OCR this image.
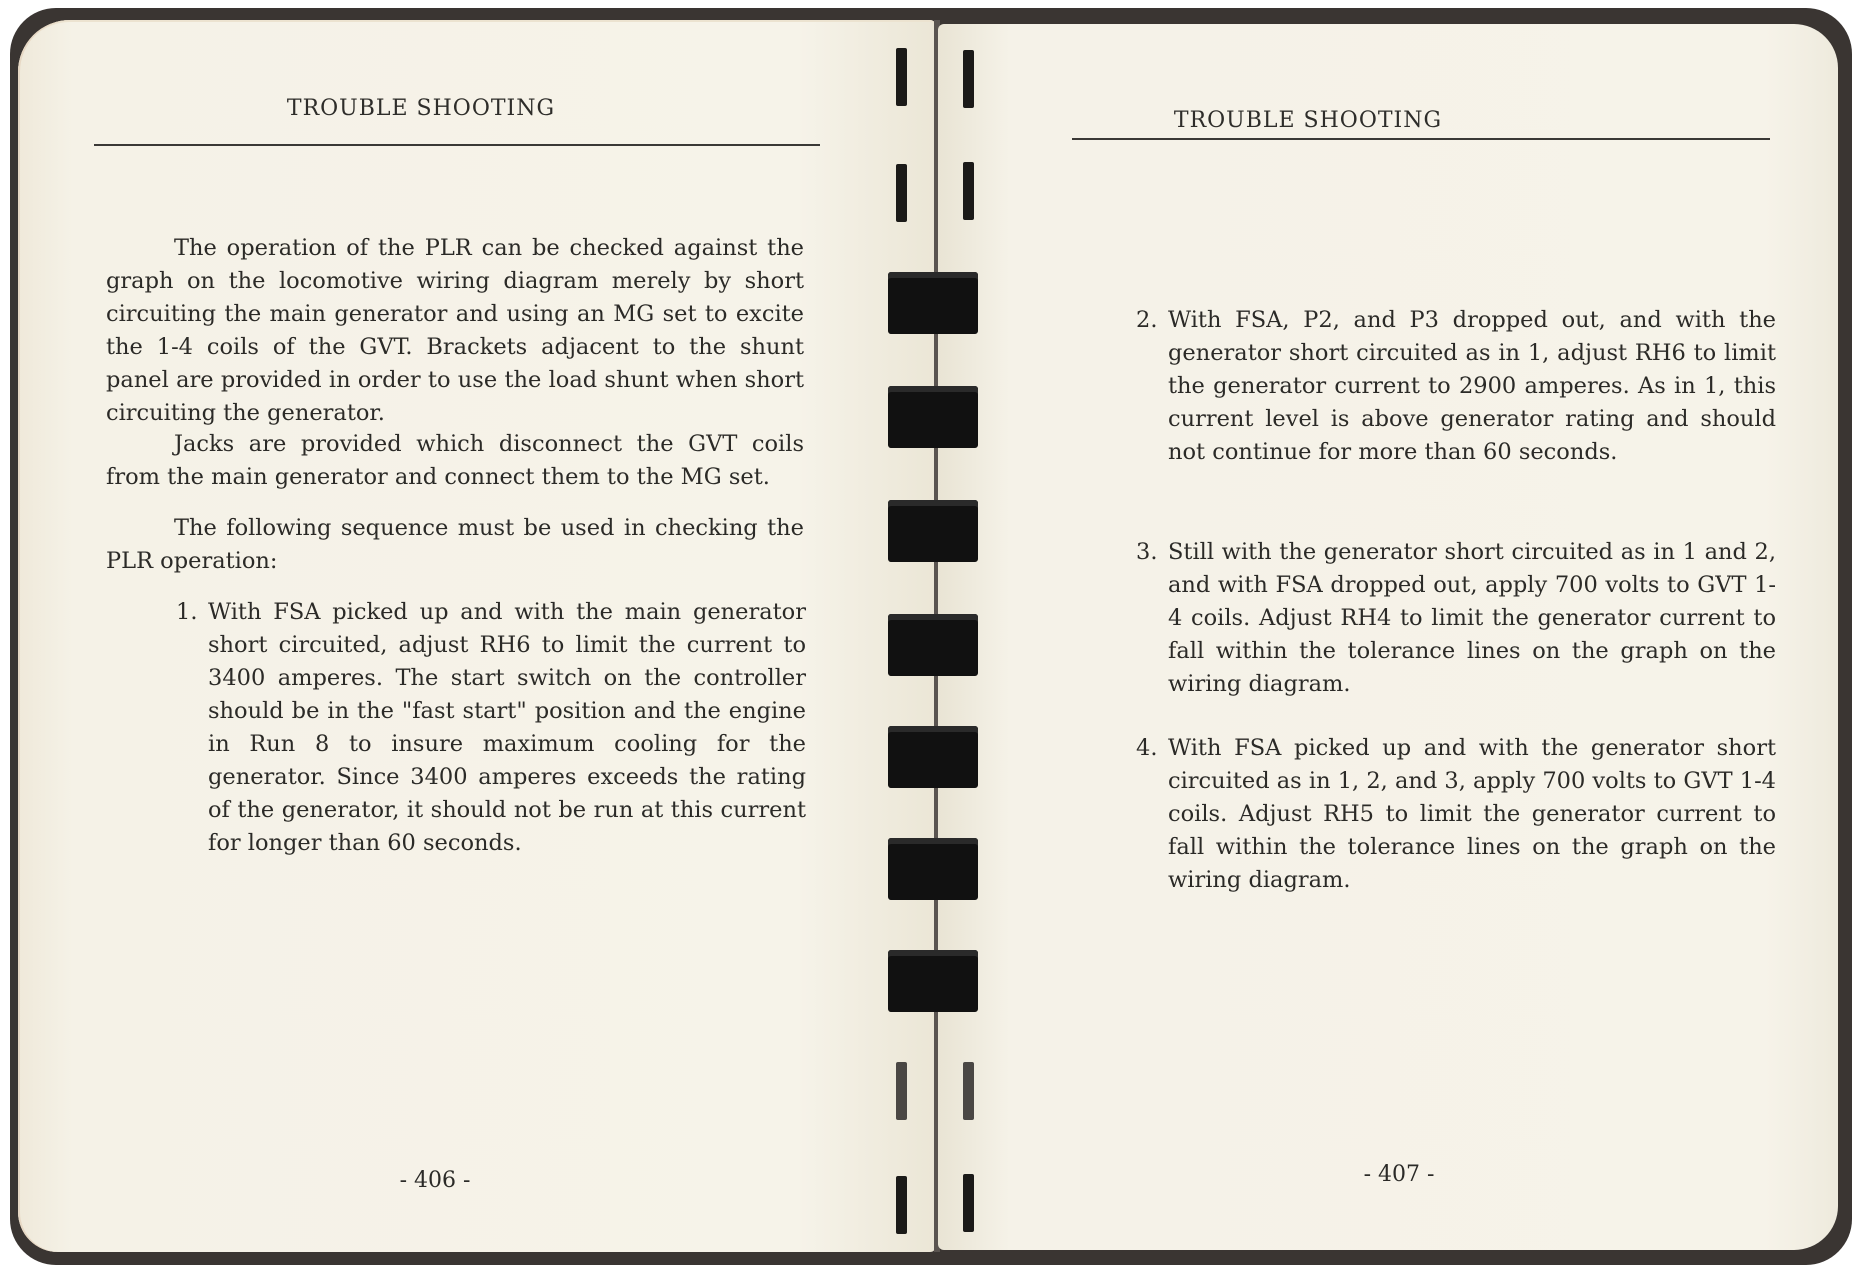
TROUBLE SHOOTING
The operation of the PLR can be checked against the graph on the locomotive wiring diagram merely by short circuiting the main generator and using an MG set to excite the 1-4 coils of the GVT. Brackets adjacent to the shunt panel are provided in order to use the load shunt when short circuiting the generator.
Jacks are provided which disconnect the GVT coils from the main generator and connect them to the MG set.
The following sequence must be used in checking the PLR operation:
1. With FSA picked up and with the main generator short circuited, adjust RH6 to limit the current to 3400 amperes. The start switch on the controller should be in the "fast start" position and the engine in Run 8 to insure maximum cooling for the generator. Since 3400 amperes exceeds the rating of the generator, it should not be run at this current for longer than 60 seconds.
- 406 -
TROUBLE SHOOTING
2. With FSA, P2, and P3 dropped out, and with the generator short circuited as in 1, adjust RH6 to limit the generator current to 2900 amperes. As in 1, this current level is above generator rating and should not continue for more than 60 seconds.
3. Still with the generator short circuited as in 1 and 2, and with FSA dropped out, apply 700 volts to GVT 1-4 coils. Adjust RH4 to limit the generator current to fall within the tolerance lines on the graph on the wiring diagram.
4. With FSA picked up and with the generator short circuited as in 1, 2, and 3, apply 700 volts to GVT 1-4 coils. Adjust RH5 to limit the generator current to fall within the tolerance lines on the graph on the wiring diagram.
- 407 -
